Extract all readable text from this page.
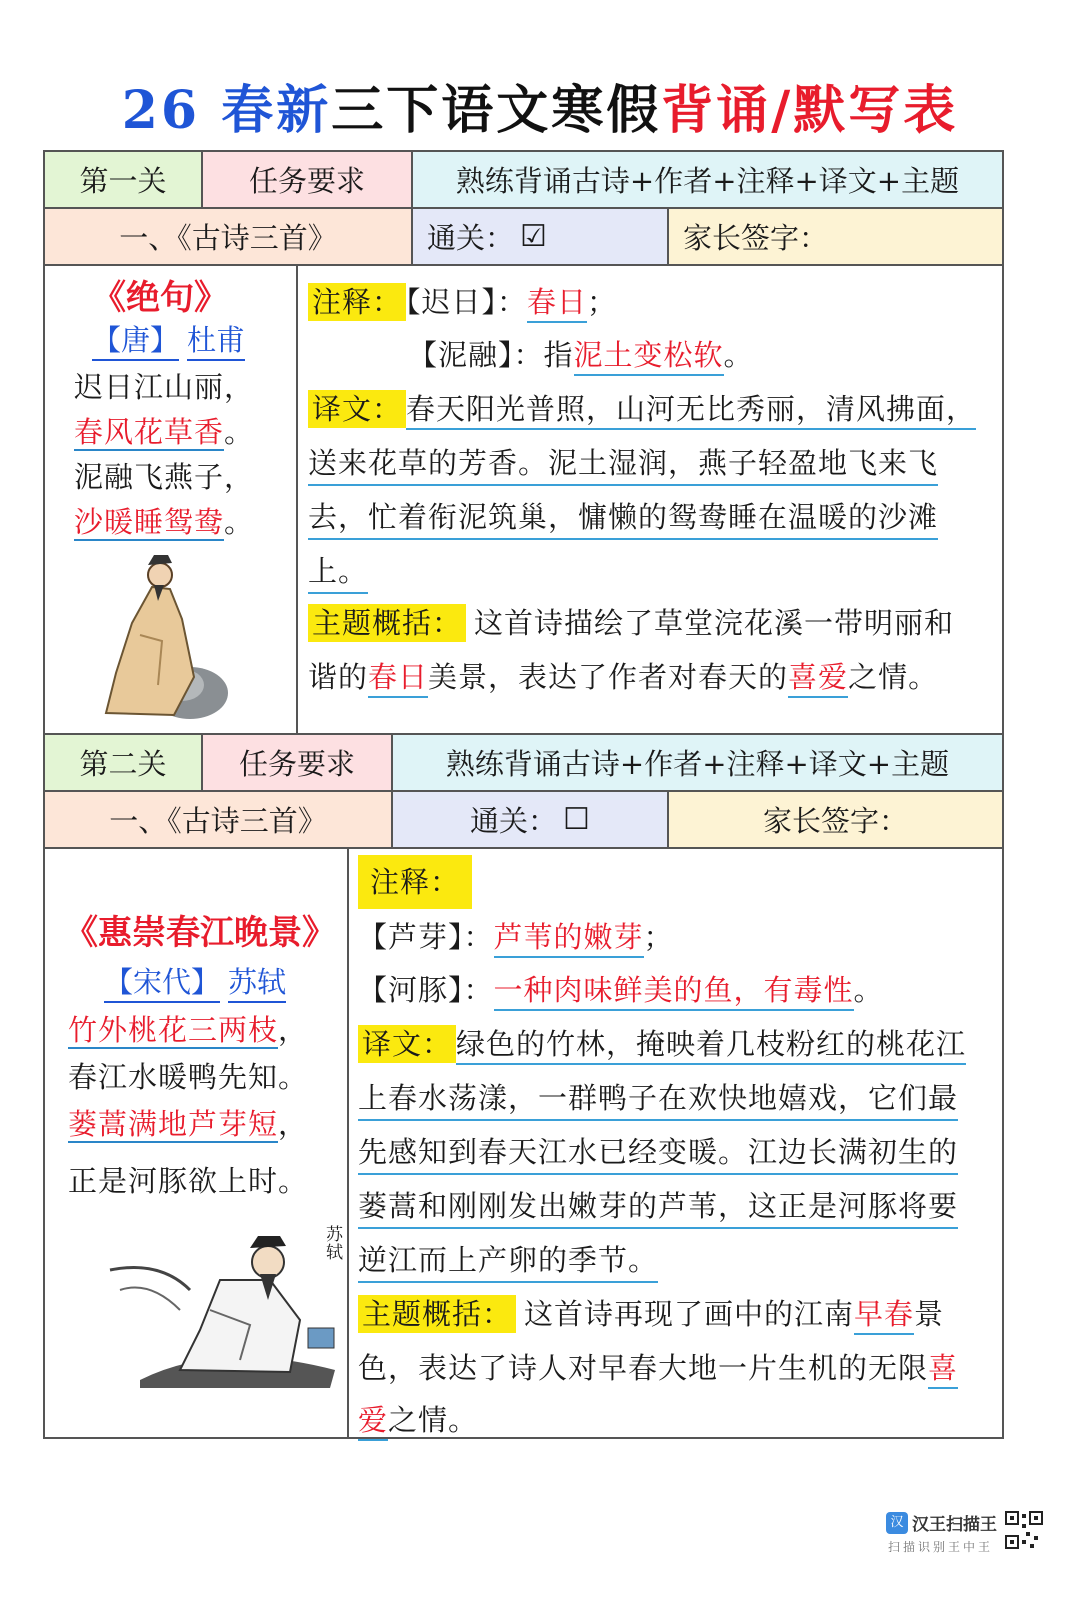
26 春新三下语文寒假背诵/默写表
第一关	任务要求	熟练背诵古诗+作者+注释+译文+主题
一、《古诗三首》	通关： ☑	家长签字：
《绝句》
【唐】 杜甫
迟日江山丽，
春风花草香。
泥融飞燕子，
沙暖睡鸳鸯。
注释： 【迟日】：春日；
【泥融】：指泥土变松软。
译文： 春天阳光普照，山河无比秀丽，清风拂面，
送来花草的芳香。泥土湿润，燕子轻盈地飞来飞
去，忙着衔泥筑巢，慵懒的鸳鸯睡在温暖的沙滩
上。
主题概括： 这首诗描绘了草堂浣花溪一带明丽和
谐的春日美景，表达了作者对春天的喜爱之情。
第二关 任务要求	熟练背诵古诗+作者+注释+译文+主题
一、《古诗三首》	通关： ☐	家长签字：
《惠崇春江晚景》
【宋代】 苏轼
竹外桃花三两枝，
春江水暖鸭先知。
蒌蒿满地芦芽短，
正是河豚欲上时。
苏轼
注释：
【芦芽】：芦苇的嫩芽；
【河豚】：一种肉味鲜美的鱼，有毒性。
译文： 绿色的竹林，掩映着几枝粉红的桃花江
上春水荡漾，一群鸭子在欢快地嬉戏，它们最
先感知到春天江水已经变暖。江边长满初生的
蒌蒿和刚刚发出嫩芽的芦苇，这正是河豚将要
逆江而上产卵的季节。
主题概括： 这首诗再现了画中的江南早春景
色，表达了诗人对早春大地一片生机的无限喜
爱之情。
汉 汉王扫描王
扫描识别王中王
